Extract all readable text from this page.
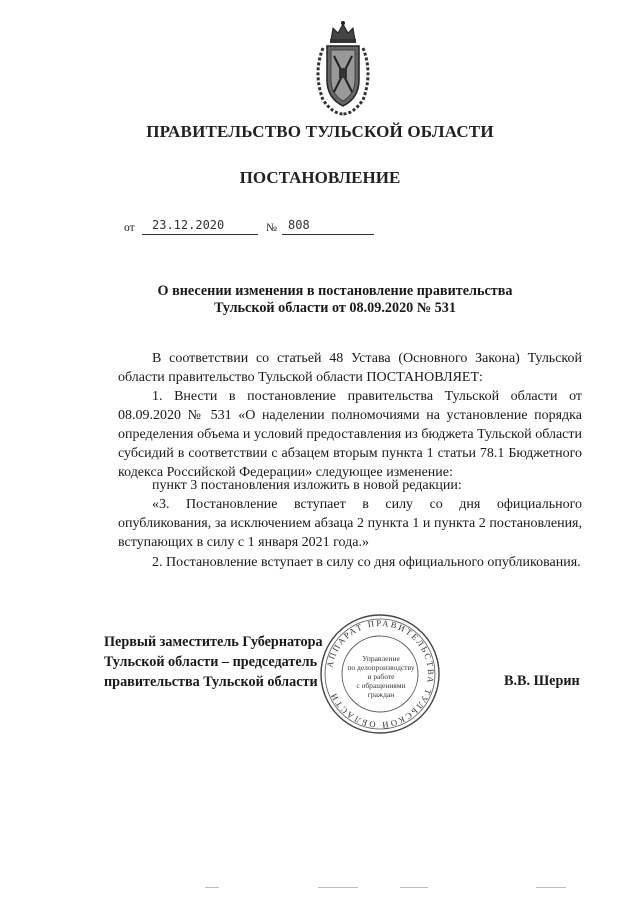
ПРАВИТЕЛЬСТВО ТУЛЬСКОЙ ОБЛАСТИ
ПОСТАНОВЛЕНИЕ
от 23.12.2020	№ 808
О внесении изменения в постановление правительства
Тульской области от 08.09.2020 № 531
В соответствии со статьей 48 Устава (Основного Закона) Тульской области правительство Тульской области ПОСТАНОВЛЯЕТ:
1. Внести в постановление правительства Тульской области от 08.09.2020 № 531 «О наделении полномочиями на установление порядка определения объема и условий предоставления из бюджета Тульской области субсидий в соответствии с абзацем вторым пункта 1 статьи 78.1 Бюджетного кодекса Российской Федерации» следующее изменение:
пункт 3 постановления изложить в новой редакции:
«3. Постановление вступает в силу со дня официального опубликования, за исключением абзаца 2 пункта 1 и пункта 2 постановления, вступающих в силу с 1 января 2021 года.»
2. Постановление вступает в силу со дня официального опубликования.
Первый заместитель Губернатора
Тульской области – председатель
правительства Тульской области	В.В. Шерин
АППАРАТ ПРАВИТЕЛЬСТВА ТУЛЬСКОЙ ОБЛАСТИ
Управление
по делопроизводству
и работе
с обращениями
граждан
